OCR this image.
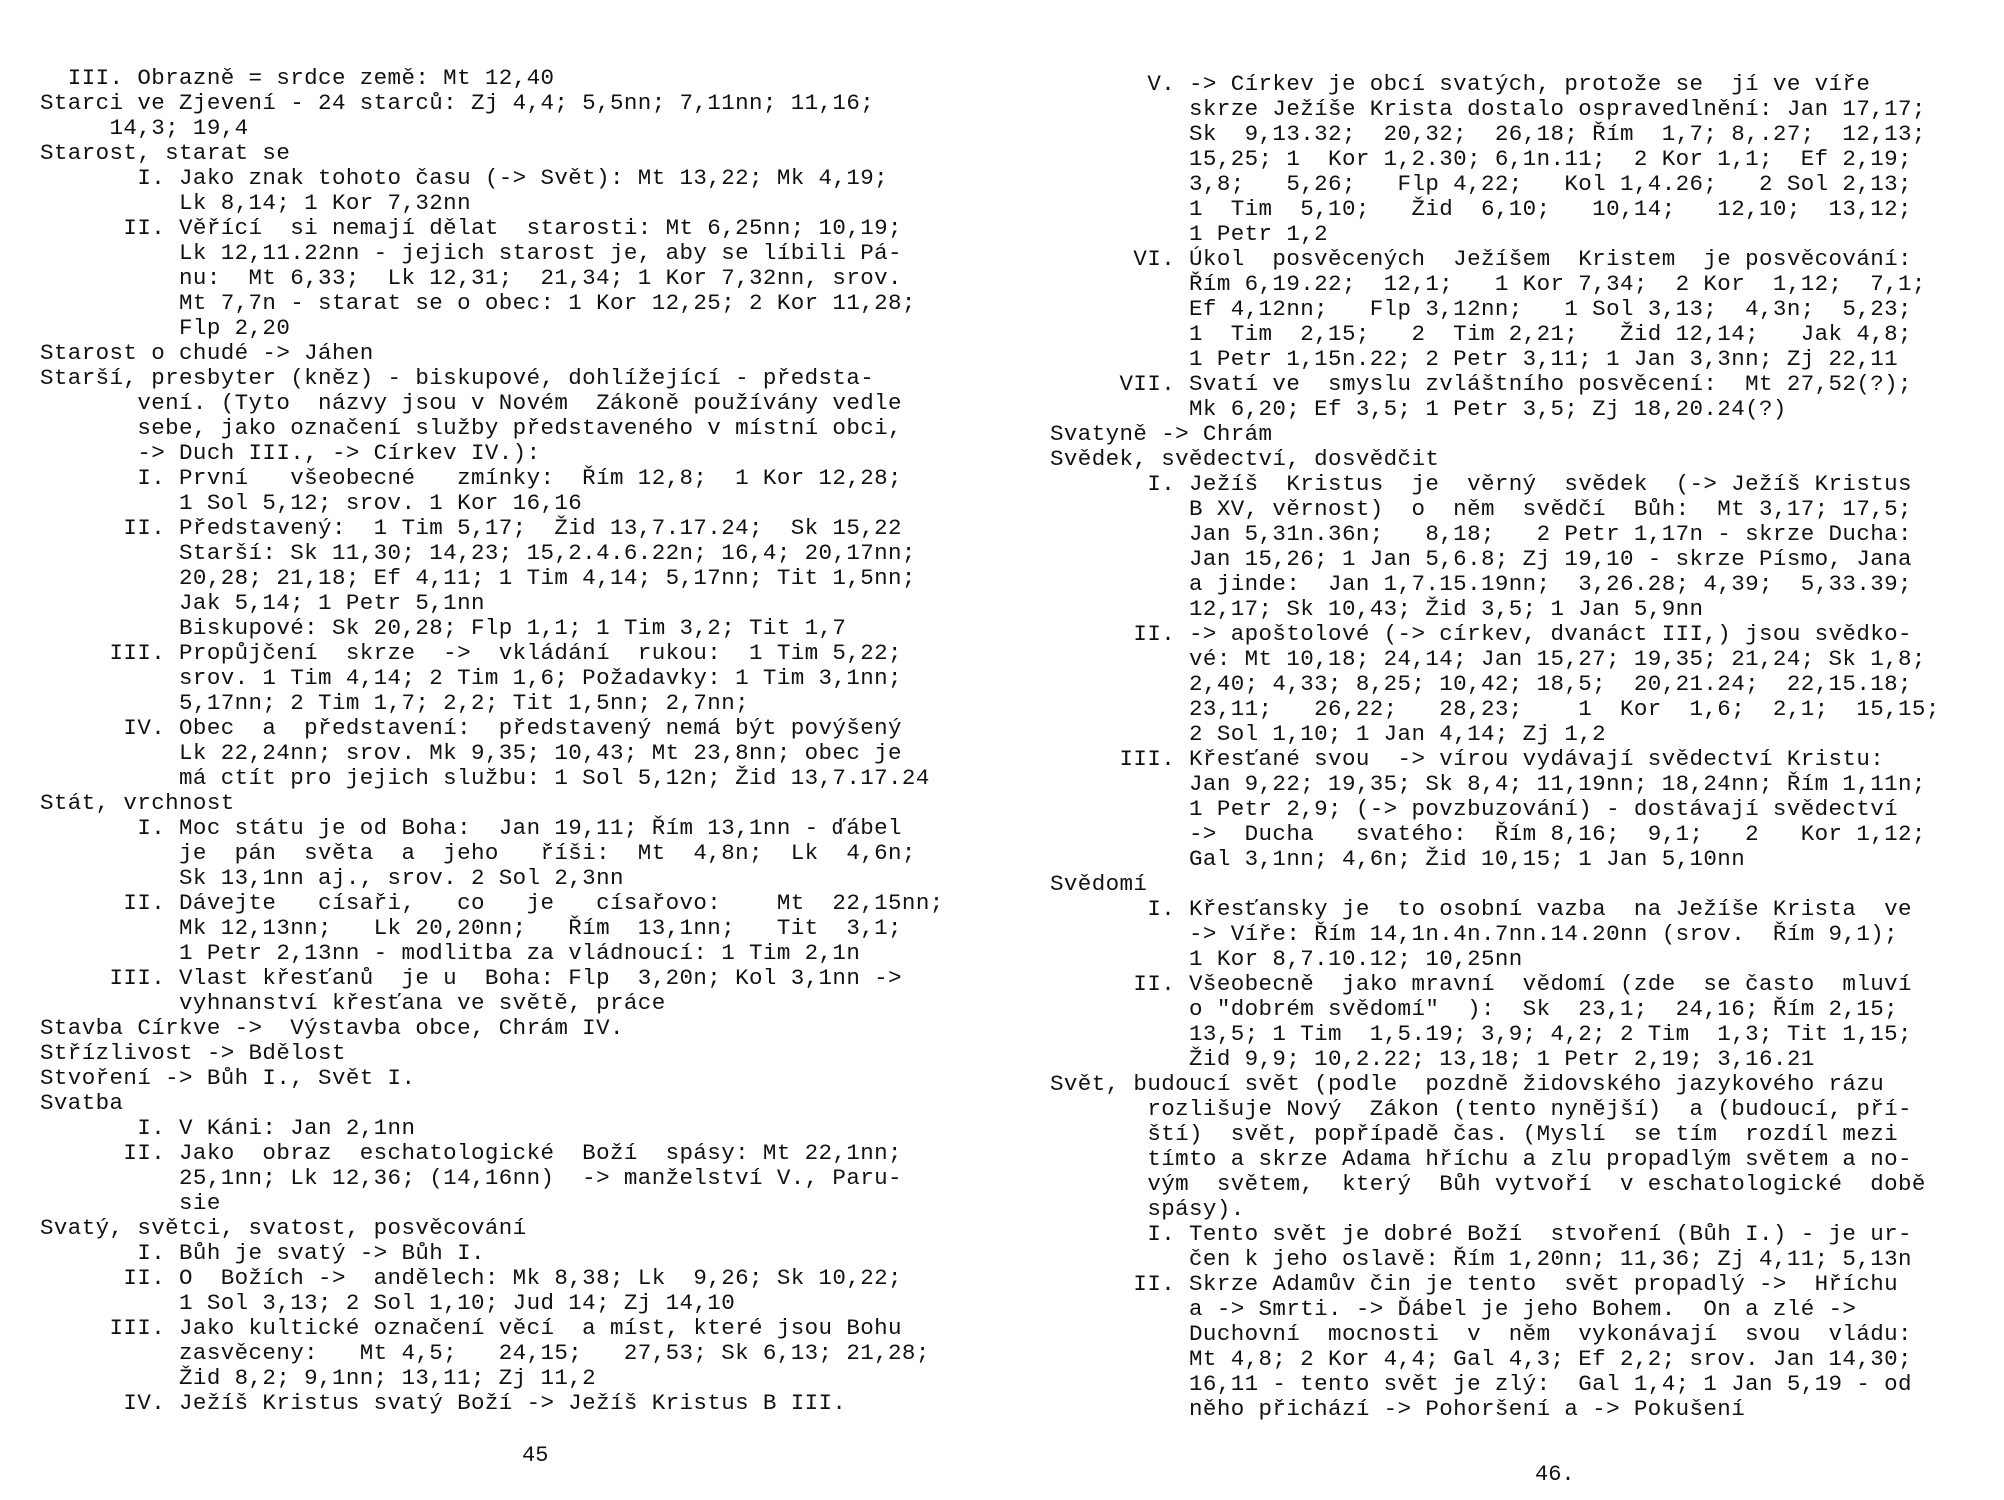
III. Obrazně = srdce země: Mt 12,40
Starci ve Zjevení - 24 starců: Zj 4,4; 5,5nn; 7,11nn; 11,16;
14,3; 19,4
Starost, starat se
I. Jako znak tohoto času (-> Svět): Mt 13,22; Mk 4,19;
Lk 8,14; 1 Kor 7,32nn
II. Věřící  si nemají dělat  starosti: Mt 6,25nn; 10,19;
Lk 12,11.22nn - jejich starost je, aby se líbili Pá-
nu:  Mt 6,33;  Lk 12,31;  21,34; 1 Kor 7,32nn, srov.
Mt 7,7n - starat se o obec: 1 Kor 12,25; 2 Kor 11,28;
Flp 2,20
Starost o chudé -> Jáhen
Starší, presbyter (kněz) - biskupové, dohlížející - předsta-
vení. (Tyto  názvy jsou v Novém  Zákoně používány vedle
sebe, jako označení služby představeného v místní obci,
-> Duch III., -> Církev IV.):
I. První   všeobecné   zmínky:  Řím 12,8;  1 Kor 12,28;
1 Sol 5,12; srov. 1 Kor 16,16
II. Představený:  1 Tim 5,17;  Žid 13,7.17.24;  Sk 15,22
Starší: Sk 11,30; 14,23; 15,2.4.6.22n; 16,4; 20,17nn;
20,28; 21,18; Ef 4,11; 1 Tim 4,14; 5,17nn; Tit 1,5nn;
Jak 5,14; 1 Petr 5,1nn
Biskupové: Sk 20,28; Flp 1,1; 1 Tim 3,2; Tit 1,7
III. Propůjčení  skrze  ->  vkládání  rukou:  1 Tim 5,22;
srov. 1 Tim 4,14; 2 Tim 1,6; Požadavky: 1 Tim 3,1nn;
5,17nn; 2 Tim 1,7; 2,2; Tit 1,5nn; 2,7nn;
IV. Obec  a  představení:  představený nemá být povýšený
Lk 22,24nn; srov. Mk 9,35; 10,43; Mt 23,8nn; obec je
má ctít pro jejich službu: 1 Sol 5,12n; Žid 13,7.17.24
Stát, vrchnost
I. Moc státu je od Boha:  Jan 19,11; Řím 13,1nn - ďábel
je  pán  světa  a  jeho   říši:  Mt  4,8n;  Lk  4,6n;
Sk 13,1nn aj., srov. 2 Sol 2,3nn
II. Dávejte   císaři,   co   je   císařovo:    Mt  22,15nn;
Mk 12,13nn;   Lk 20,20nn;   Řím  13,1nn;   Tit  3,1;
1 Petr 2,13nn - modlitba za vládnoucí: 1 Tim 2,1n
III. Vlast křesťanů  je u  Boha: Flp  3,20n; Kol 3,1nn ->
vyhnanství křesťana ve světě, práce
Stavba Církve ->  Výstavba obce, Chrám IV.
Střízlivost -> Bdělost
Stvoření -> Bůh I., Svět I.
Svatba
I. V Káni: Jan 2,1nn
II. Jako  obraz  eschatologické  Boží  spásy: Mt 22,1nn;
25,1nn; Lk 12,36; (14,16nn)  -> manželství V., Paru-
sie
Svatý, světci, svatost, posvěcování
I. Bůh je svatý -> Bůh I.
II. O  Božích ->  andělech: Mk 8,38; Lk  9,26; Sk 10,22;
1 Sol 3,13; 2 Sol 1,10; Jud 14; Zj 14,10
III. Jako kultické označení věcí  a míst, které jsou Bohu
zasvěceny:   Mt 4,5;   24,15;   27,53; Sk 6,13; 21,28;
Žid 8,2; 9,1nn; 13,11; Zj 11,2
IV. Ježíš Kristus svatý Boží -> Ježíš Kristus B III.
45
V. -> Církev je obcí svatých, protože se  jí ve víře
skrze Ježíše Krista dostalo ospravedlnění: Jan 17,17;
Sk  9,13.32;  20,32;  26,18; Řím  1,7; 8,.27;  12,13;
15,25; 1  Kor 1,2.30; 6,1n.11;  2 Kor 1,1;  Ef 2,19;
3,8;   5,26;   Flp 4,22;   Kol 1,4.26;   2 Sol 2,13;
1  Tim  5,10;   Žid  6,10;   10,14;   12,10;  13,12;
1 Petr 1,2
VI. Úkol  posvěcených  Ježíšem  Kristem  je posvěcování:
Řím 6,19.22;  12,1;   1 Kor 7,34;  2 Kor  1,12;  7,1;
Ef 4,12nn;   Flp 3,12nn;   1 Sol 3,13;  4,3n;  5,23;
1  Tim  2,15;   2  Tim 2,21;   Žid 12,14;   Jak 4,8;
1 Petr 1,15n.22; 2 Petr 3,11; 1 Jan 3,3nn; Zj 22,11
VII. Svatí ve  smyslu zvláštního posvěcení:  Mt 27,52(?);
Mk 6,20; Ef 3,5; 1 Petr 3,5; Zj 18,20.24(?)
Svatyně -> Chrám
Svědek, svědectví, dosvědčit
I. Ježíš  Kristus  je  věrný  svědek  (-> Ježíš Kristus
B XV, věrnost)  o  něm  svědčí  Bůh:  Mt 3,17; 17,5;
Jan 5,31n.36n;   8,18;   2 Petr 1,17n - skrze Ducha:
Jan 15,26; 1 Jan 5,6.8; Zj 19,10 - skrze Písmo, Jana
a jinde:  Jan 1,7.15.19nn;  3,26.28; 4,39;  5,33.39;
12,17; Sk 10,43; Žid 3,5; 1 Jan 5,9nn
II. -> apoštolové (-> církev, dvanáct III,) jsou svědko-
vé: Mt 10,18; 24,14; Jan 15,27; 19,35; 21,24; Sk 1,8;
2,40; 4,33; 8,25; 10,42; 18,5;  20,21.24;  22,15.18;
23,11;   26,22;   28,23;    1  Kor  1,6;  2,1;  15,15;
2 Sol 1,10; 1 Jan 4,14; Zj 1,2
III. Křesťané svou  -> vírou vydávají svědectví Kristu:
Jan 9,22; 19,35; Sk 8,4; 11,19nn; 18,24nn; Řím 1,11n;
1 Petr 2,9; (-> povzbuzování) - dostávají svědectví
->  Ducha   svatého:  Řím 8,16;  9,1;   2   Kor 1,12;
Gal 3,1nn; 4,6n; Žid 10,15; 1 Jan 5,10nn
Svědomí
I. Křesťansky je  to osobní vazba  na Ježíše Krista  ve
-> Víře: Řím 14,1n.4n.7nn.14.20nn (srov.  Řím 9,1);
1 Kor 8,7.10.12; 10,25nn
II. Všeobecně  jako mravní  vědomí (zde  se často  mluví
o "dobrém svědomí"  ):  Sk  23,1;  24,16; Řím 2,15;
13,5; 1 Tim  1,5.19; 3,9; 4,2; 2 Tim  1,3; Tit 1,15;
Žid 9,9; 10,2.22; 13,18; 1 Petr 2,19; 3,16.21
Svět, budoucí svět (podle  pozdně židovského jazykového rázu
rozlišuje Nový  Zákon (tento nynější)  a (budoucí, pří-
ští)  svět, popřípadě čas. (Myslí  se tím  rozdíl mezi
tímto a skrze Adama hříchu a zlu propadlým světem a no-
vým  světem,  který  Bůh vytvoří  v eschatologické  době
spásy).
I. Tento svět je dobré Boží  stvoření (Bůh I.) - je ur-
čen k jeho oslavě: Řím 1,20nn; 11,36; Zj 4,11; 5,13n
II. Skrze Adamův čin je tento  svět propadlý ->  Hříchu
a -> Smrti. -> Ďábel je jeho Bohem.  On a zlé ->
Duchovní  mocnosti  v  něm  vykonávají  svou  vládu:
Mt 4,8; 2 Kor 4,4; Gal 4,3; Ef 2,2; srov. Jan 14,30;
16,11 - tento svět je zlý:  Gal 1,4; 1 Jan 5,19 - od
něho přichází -> Pohoršení a -> Pokušení
46.
